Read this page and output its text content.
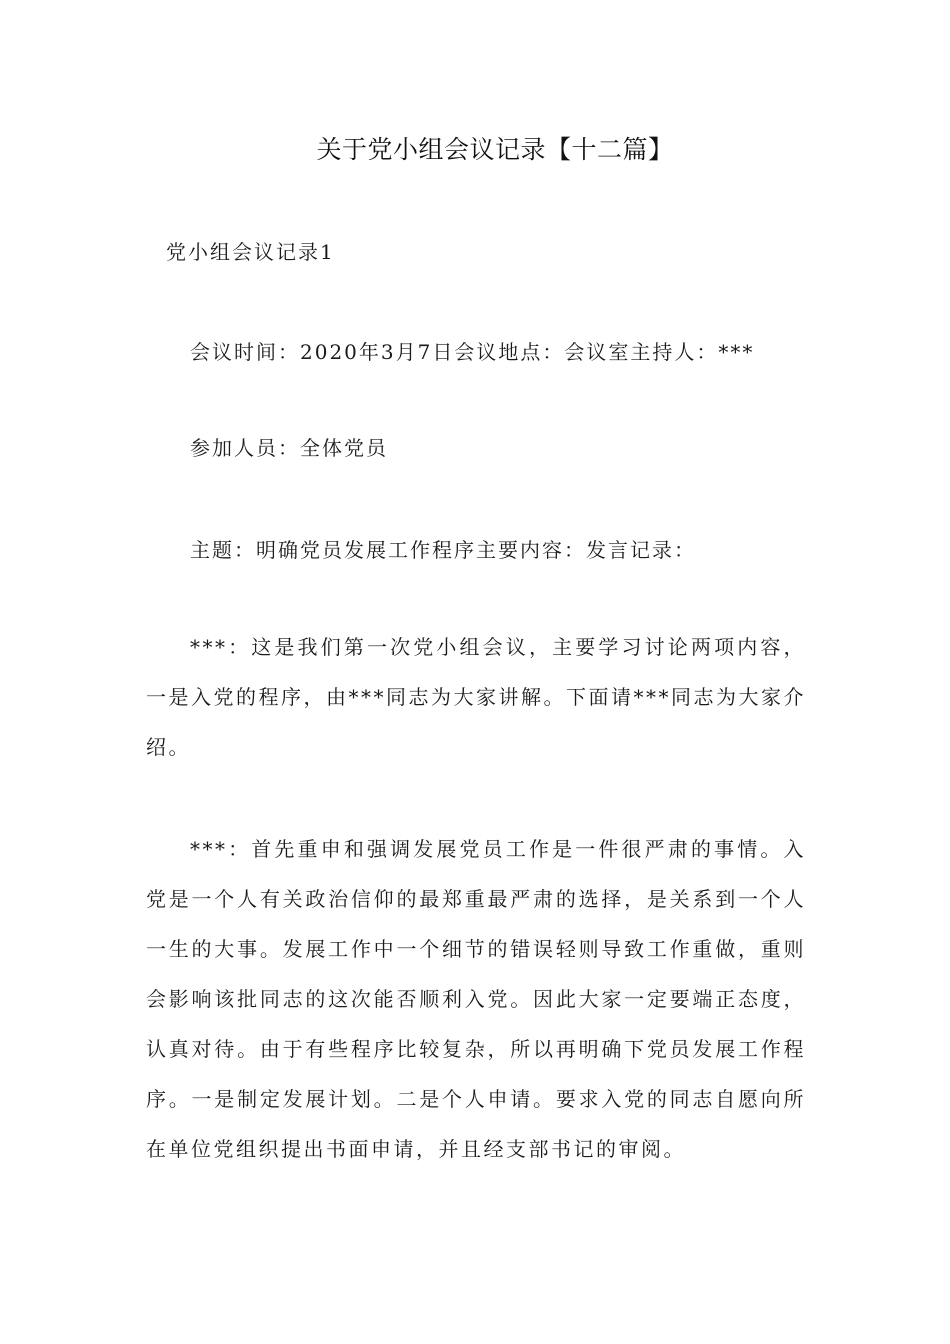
关于党小组会议记录【十二篇】
党小组会议记录1
会议时间：2020年3月7日会议地点：会议室主持人：***
参加人员：全体党员
主题：明确党员发展工作程序主要内容：发言记录：

***：这是我们第一次党小组会议，主要学习讨论两项内容，一是入党的程序，由***同志为大家讲解。下面请***同志为大家介绍。

***：首先重申和强调发展党员工作是一件很严肃的事情。入党是一个人有关政治信仰的最郑重最严肃的选择，是关系到一个人一生的大事。发展工作中一个细节的错误轻则导致工作重做，重则会影响该批同志的这次能否顺利入党。因此大家一定要端正态度，认真对待。由于有些程序比较复杂，所以再明确下党员发展工作程序。一是制定发展计划。二是个人申请。要求入党的同志自愿向所在单位党组织提出书面申请，并且经支部书记的审阅。
